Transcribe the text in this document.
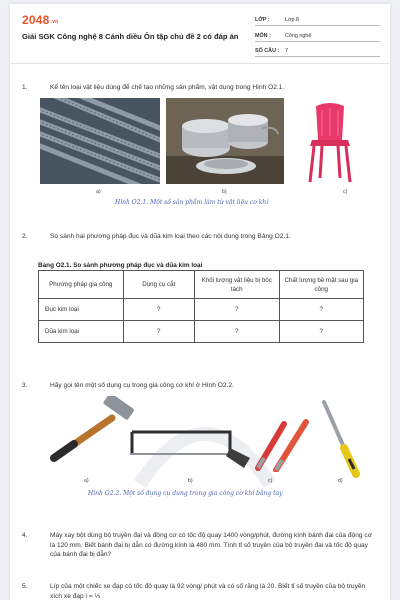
2048.vn
Giải SGK Công nghệ 8 Cánh diều Ôn tập chủ đề 2 có đáp án
LỚP :	Lớp 8
MÔN :	Công nghệ
SỐ CÂU : 7
1.	Kể tên loại vật liệu dùng để chế tạo những sản phẩm, vật dụng trong Hình O2.1.
a)	b)	c)
Hình O2.1. Một số sản phẩm làm từ vật liệu cơ khí
2.	So sánh hai phương pháp đục và dũa kim loại theo các nội dung trong Bảng O2.1.
Bảng O2.1. So sánh phương pháp đục và dũa kim loại
Phương pháp gia công	Dụng cụ cắt	Khối lượng vật liệu bị bóc tách	Chất lượng bề mặt sau gia công
Đục kim loại	?	?	?
Dũa kim loại	?	?	?
3.	Hãy gọi tên một số dụng cụ trong gia công cơ khí ở Hình O2.2.
a)	b)	c)	d)
Hình O2.2. Một số dụng cụ dùng trong gia công cơ khí bằng tay
4.	Máy xay bột dùng bộ truyền đai và động cơ có tốc độ quay 1400 vòng/phút, đường kính bánh đai của động cơ là 120 mm. Biết bánh đai bị dẫn có đường kính là 480 mm. Tính tỉ số truyền của bộ truyền đai và tốc độ quay của bánh đai bị dẫn?
5.	Líp của một chiếc xe đạp có tốc độ quay là 92 vòng/ phút và có số răng là 20. Biết tỉ số truyền của bộ truyền xích xe đạp i = ⅓
